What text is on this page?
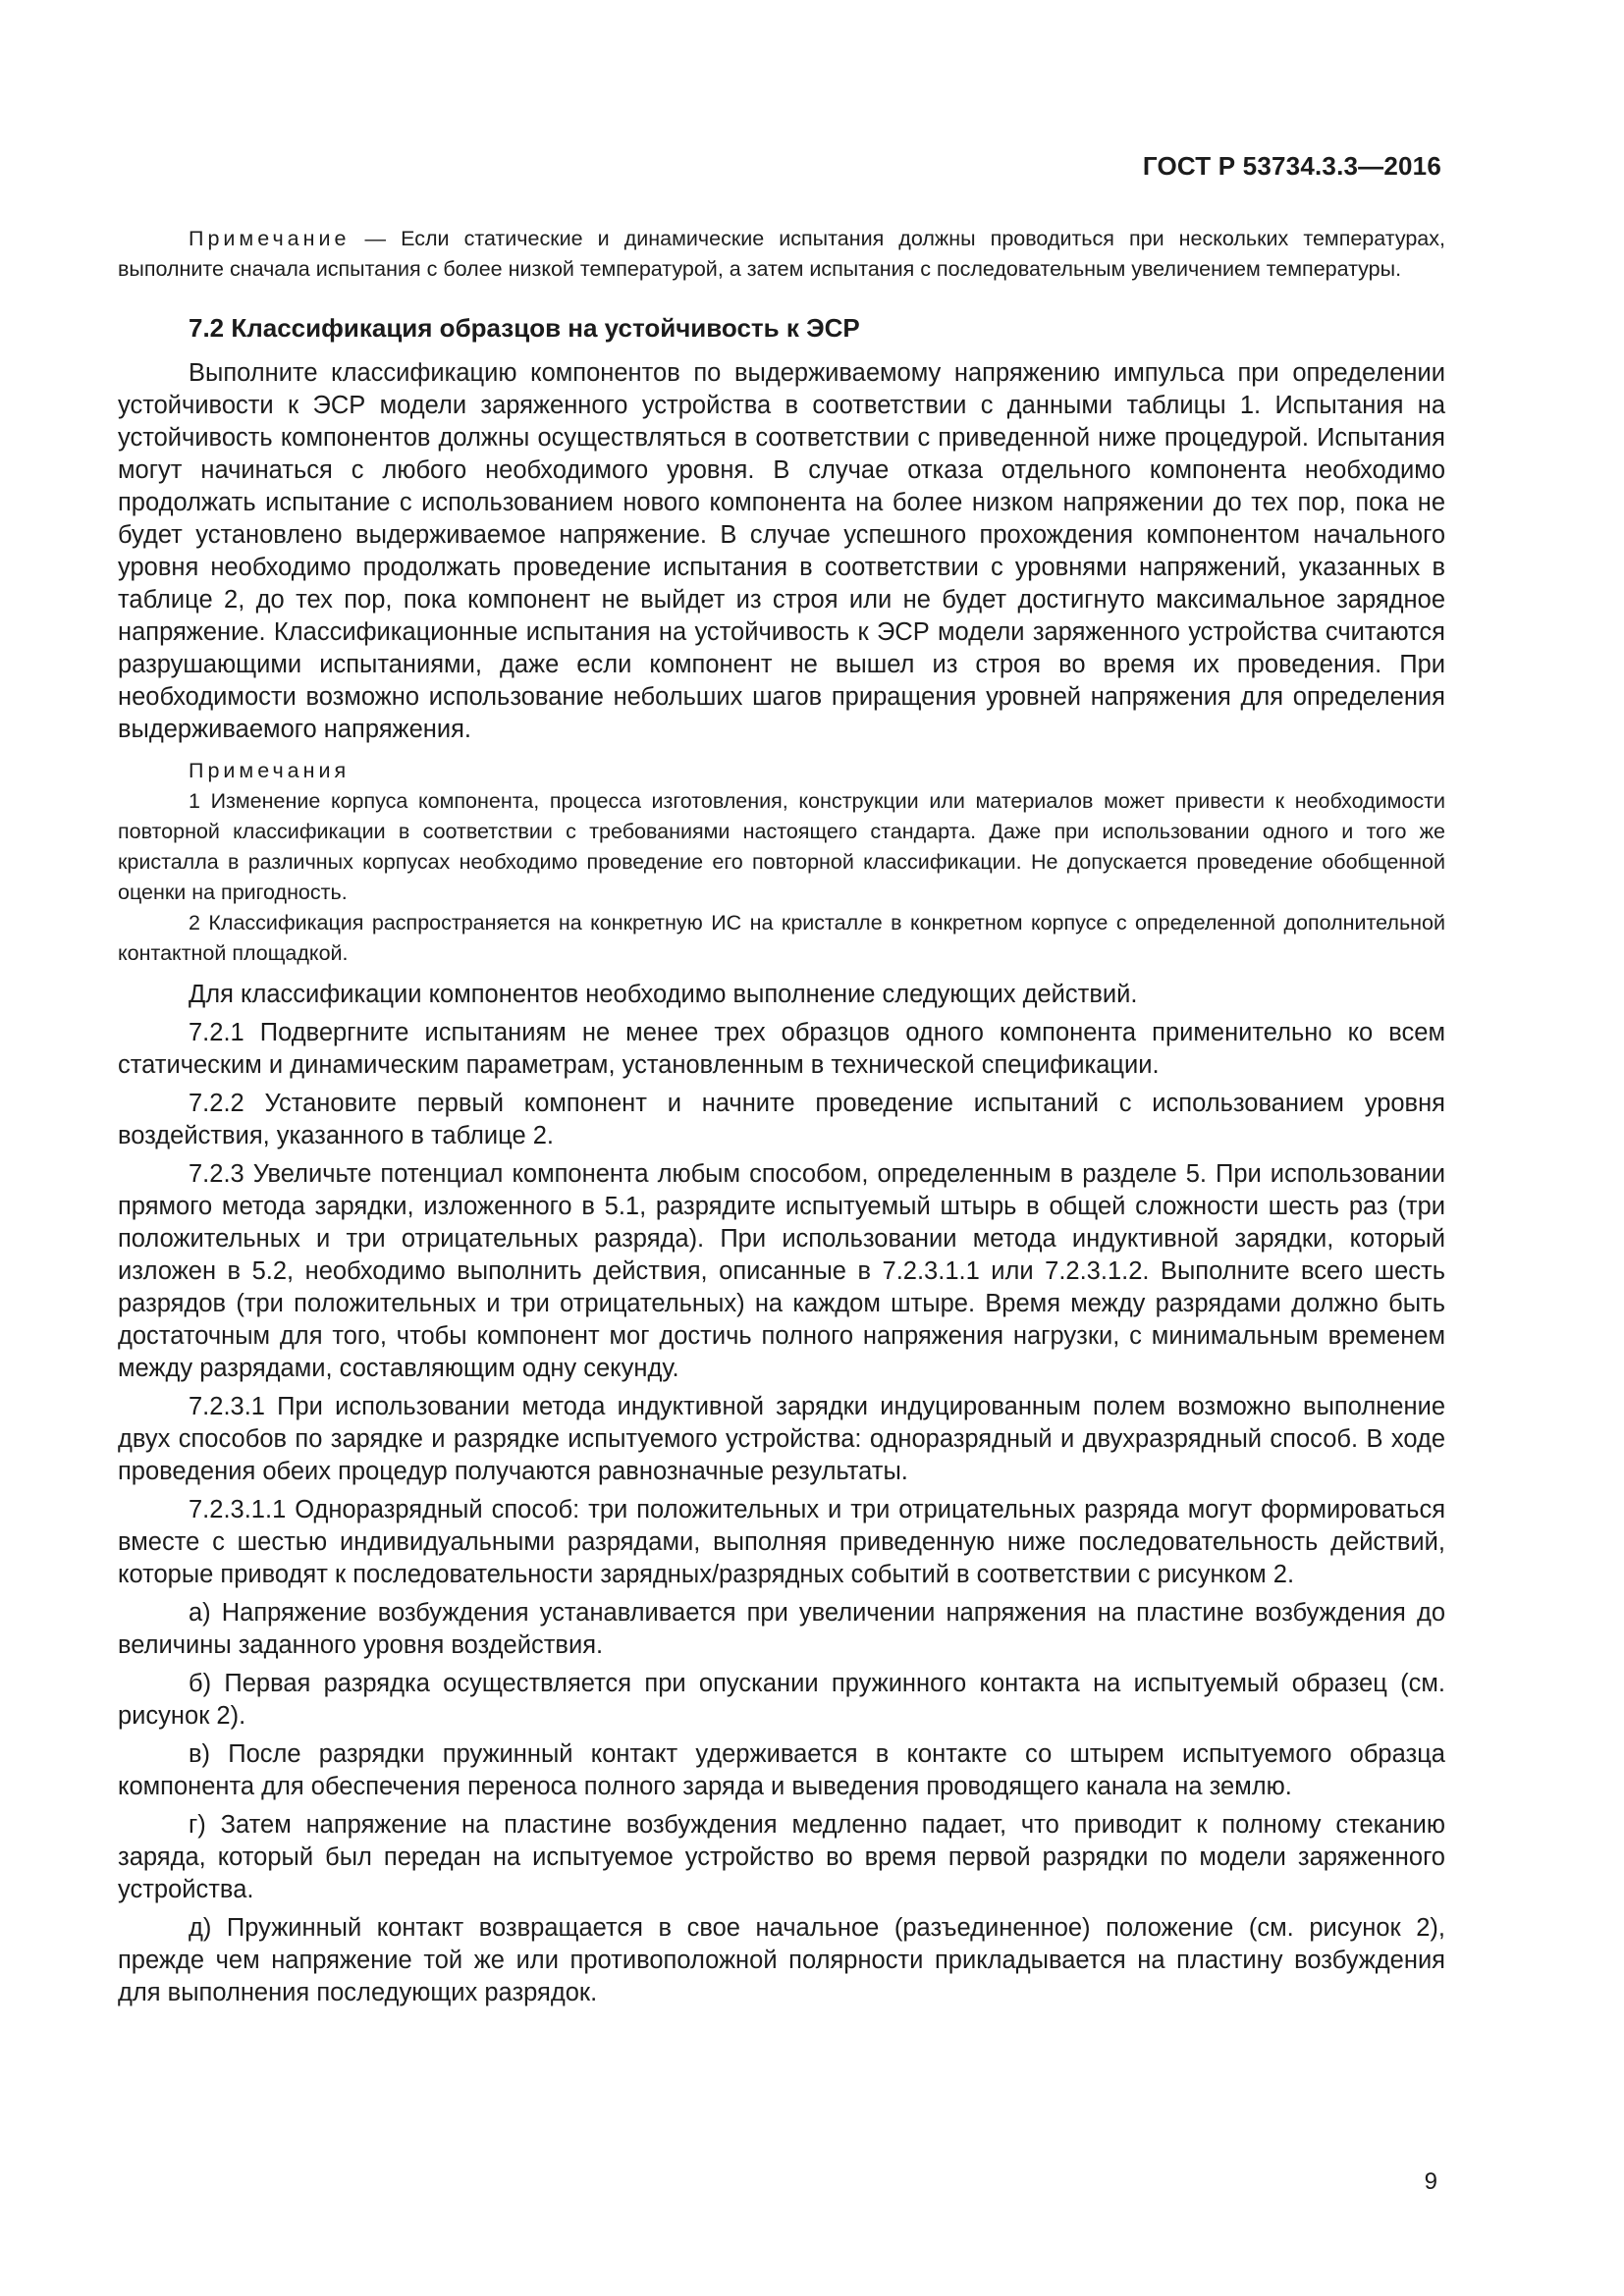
ГОСТ Р 53734.3.3—2016

Примечание — Если статические и динамические испытания должны проводиться при нескольких температурах, выполните сначала испытания с более низкой температурой, а затем испытания с последовательным увеличением температуры.

7.2 Классификация образцов на устойчивость к ЭСР

Выполните классификацию компонентов по выдерживаемому напряжению импульса при определении устойчивости к ЭСР модели заряженного устройства в соответствии с данными таблицы 1. Испытания на устойчивость компонентов должны осуществляться в соответствии с приведенной ниже процедурой. Испытания могут начинаться с любого необходимого уровня. В случае отказа отдельного компонента необходимо продолжать испытание с использованием нового компонента на более низком напряжении до тех пор, пока не будет установлено выдерживаемое напряжение. В случае успешного прохождения компонентом начального уровня необходимо продолжать проведение испытания в соответствии с уровнями напряжений, указанных в таблице 2, до тех пор, пока компонент не выйдет из строя или не будет достигнуто максимальное зарядное напряжение. Классификационные испытания на устойчивость к ЭСР модели заряженного устройства считаются разрушающими испытаниями, даже если компонент не вышел из строя во время их проведения. При необходимости возможно использование небольших шагов приращения уровней напряжения для определения выдерживаемого напряжения.

Примечания

1 Изменение корпуса компонента, процесса изготовления, конструкции или материалов может привести к необходимости повторной классификации в соответствии с требованиями настоящего стандарта. Даже при использовании одного и того же кристалла в различных корпусах необходимо проведение его повторной классификации. Не допускается проведение обобщенной оценки на пригодность.

2 Классификация распространяется на конкретную ИС на кристалле в конкретном корпусе с определенной дополнительной контактной площадкой.

Для классификации компонентов необходимо выполнение следующих действий.

7.2.1 Подвергните испытаниям не менее трех образцов одного компонента применительно ко всем статическим и динамическим параметрам, установленным в технической спецификации.

7.2.2 Установите первый компонент и начните проведение испытаний с использованием уровня воздействия, указанного в таблице 2.

7.2.3 Увеличьте потенциал компонента любым способом, определенным в разделе 5. При использовании прямого метода зарядки, изложенного в 5.1, разрядите испытуемый штырь в общей сложности шесть раз (три положительных и три отрицательных разряда). При использовании метода индуктивной зарядки, который изложен в 5.2, необходимо выполнить действия, описанные в 7.2.3.1.1 или 7.2.3.1.2. Выполните всего шесть разрядов (три положительных и три отрицательных) на каждом штыре. Время между разрядами должно быть достаточным для того, чтобы компонент мог достичь полного напряжения нагрузки, с минимальным временем между разрядами, составляющим одну секунду.

7.2.3.1 При использовании метода индуктивной зарядки индуцированным полем возможно выполнение двух способов по зарядке и разрядке испытуемого устройства: одноразрядный и двухразрядный способ. В ходе проведения обеих процедур получаются равнозначные результаты.

7.2.3.1.1 Одноразрядный способ: три положительных и три отрицательных разряда могут формироваться вместе с шестью индивидуальными разрядами, выполняя приведенную ниже последовательность действий, которые приводят к последовательности зарядных/разрядных событий в соответствии с рисунком 2.

а) Напряжение возбуждения устанавливается при увеличении напряжения на пластине возбуждения до величины заданного уровня воздействия.

б) Первая разрядка осуществляется при опускании пружинного контакта на испытуемый образец (см. рисунок 2).

в) После разрядки пружинный контакт удерживается в контакте со штырем испытуемого образца компонента для обеспечения переноса полного заряда и выведения проводящего канала на землю.

г) Затем напряжение на пластине возбуждения медленно падает, что приводит к полному стеканию заряда, который был передан на испытуемое устройство во время первой разрядки по модели заряженного устройства.

д) Пружинный контакт возвращается в свое начальное (разъединенное) положение (см. рисунок 2), прежде чем напряжение той же или противоположной полярности прикладывается на пластину возбуждения для выполнения последующих разрядок.

9
